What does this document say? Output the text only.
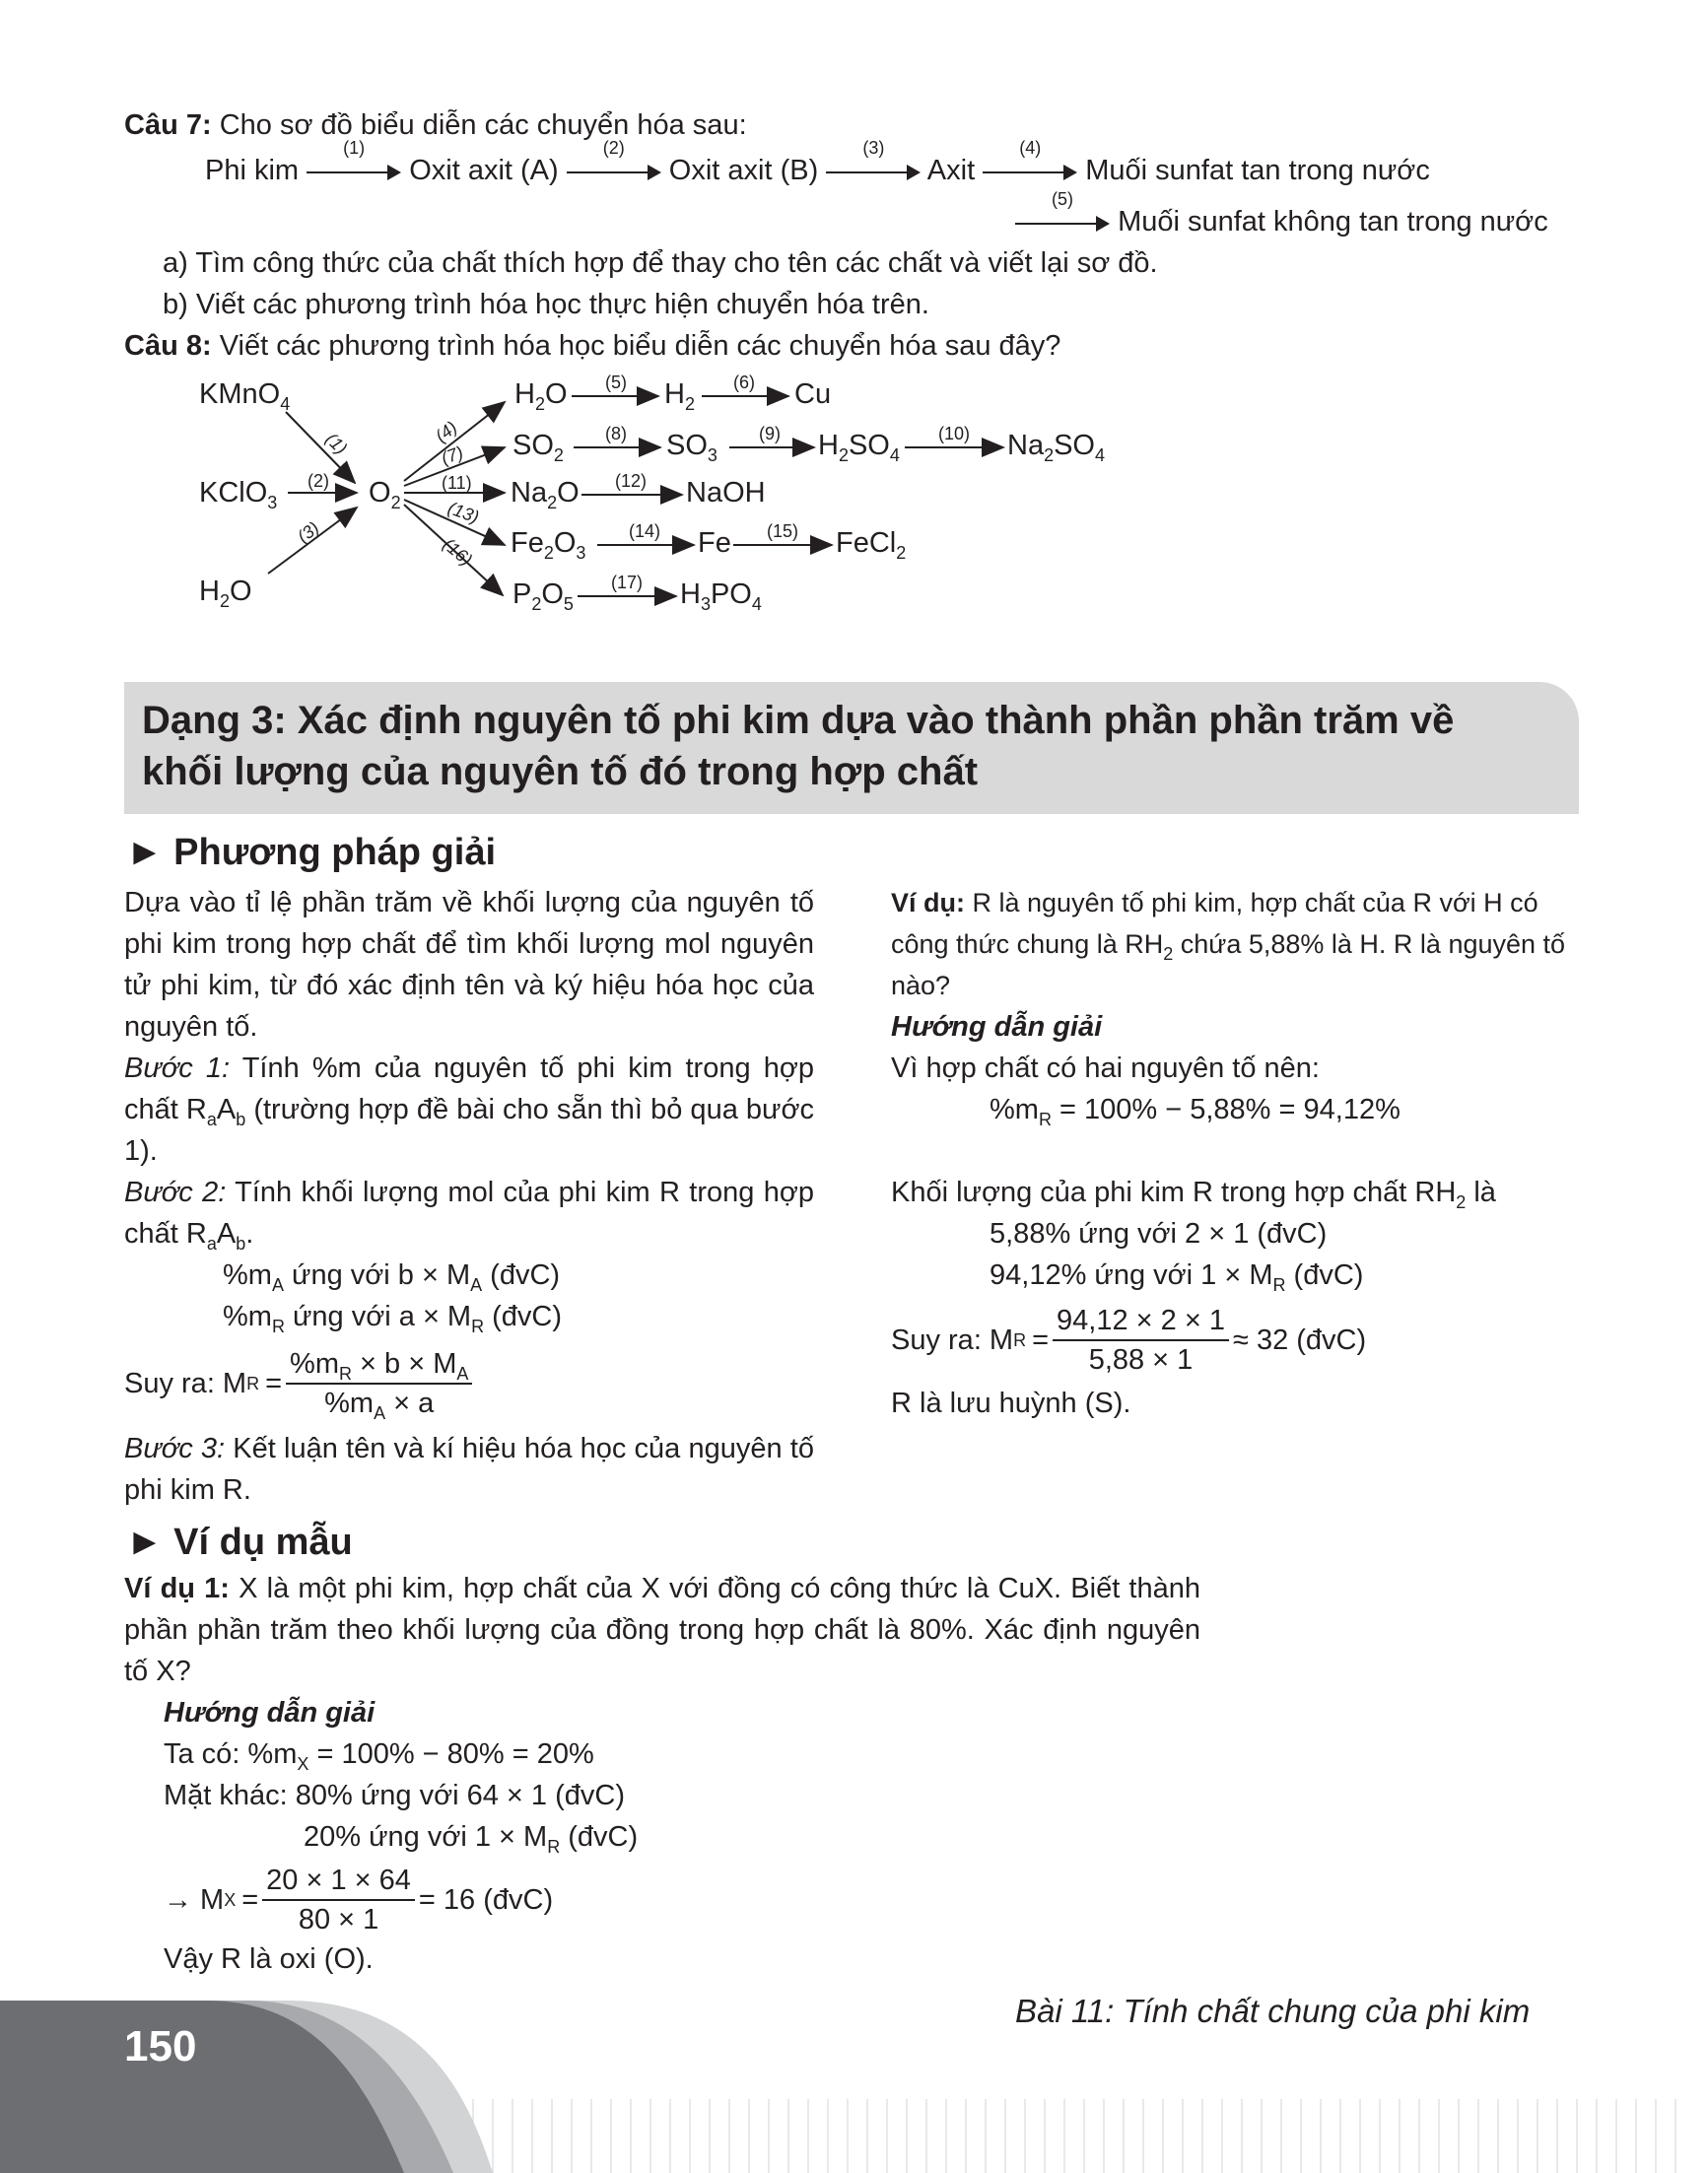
Câu 7: Cho sơ đồ biểu diễn các chuyển hóa sau:
Phi kim
(1)
Oxit axit (A)
(2)
Oxit axit (B)
(3)
Axit
(4)
Muối sunfat tan trong nước
(5)
Muối sunfat không tan trong nước
a) Tìm công thức của chất thích hợp để thay cho tên các chất và viết lại sơ đồ.
b) Viết các phương trình hóa học thực hiện chuyển hóa trên.
Câu 8: Viết các phương trình hóa học biểu diễn các chuyển hóa sau đây?
KMnO$_4$
KClO$_3$
$H_2O$
$O_2$
(1)
(2)
(3)
(4)
(7)
(11)
(13)
(16)
$H_2O$ (5) $H_2$
(6) Cu
$SO_2$
(8) $SO_3$
(9) $H_2SO_4$
(10) $Na_2SO_4$
$Na_2O$ (12) NaOH
$Fe_2O_3$
(14) Fe (15) FeCl$_2$
$P_2O_5$
(17) $H_3PO_4$
Dạng 3: Xác định nguyên tố phi kim dựa vào thành phần phần trăm về
khối lượng của nguyên tố đó trong hợp chất
► Phương pháp giải
Dựa vào tỉ lệ phần trăm về khối lượng của nguyên tố phi kim trong hợp chất để tìm khối lượng mol nguyên tử phi kim, từ đó xác định tên và ký hiệu hóa học của nguyên tố.
Bước 1: Tính %m của nguyên tố phi kim trong hợp chất $R_aA_b$ (trường hợp đề bài cho sẵn thì bỏ qua bước 1).
Bước 2: Tính khối lượng mol của phi kim R trong hợp chất $R_aA_b$.
$\%m_A$ ứng với $b \times M_A$ (đvC)
$\%m_R$ ứng với $a \times M_R$ (đvC)
Suy ra: M $R = \frac{\%m_R \times b \times M_A}{\%m_A \times a}$
Bước 3: Kết luận tên và kí hiệu hóa học của nguyên tố phi kim R.
Ví dụ: R là nguyên tố phi kim, hợp chất của R với H có công thức chung là $RH_2$ chứa 5,88% là H. R là nguyên tố nào?
Hướng dẫn giải
Vì hợp chất có hai nguyên tố nên:
$\%m_R = 100\% - 5,88\% = 94,12\%$
Khối lượng của phi kim R trong hợp chất $RH_2$ là
5,88% ứng với 2 × 1 (đvC)
94,12% ứng với $1 \times M_R$ (đvC)
Suy ra: M $R = \frac{94,12 \times 2 \times 1}{5,88 \times 1} \approx 32$ (đvC)
R là lưu huỳnh (S).
► Ví dụ mẫu
Ví dụ 1: X là một phi kim, hợp chất của X với đồng có công thức là CuX. Biết thành phần phần trăm theo khối lượng của đồng trong hợp chất là 80%. Xác định nguyên tố X?
Hướng dẫn giải
Ta có: $\%m_X = 100\% - 80\% = 20\%$
Mặt khác: 80% ứng với 64 × 1 (đvC)
20% ứng với $1 \times M_R$ (đvC)
→ M $X = \frac{20 \times 1 \times 64}{80 \times 1} = 16$ (đvC)
Vậy R là oxi (O).
150
Bài 11: Tính chất chung của phi kim
